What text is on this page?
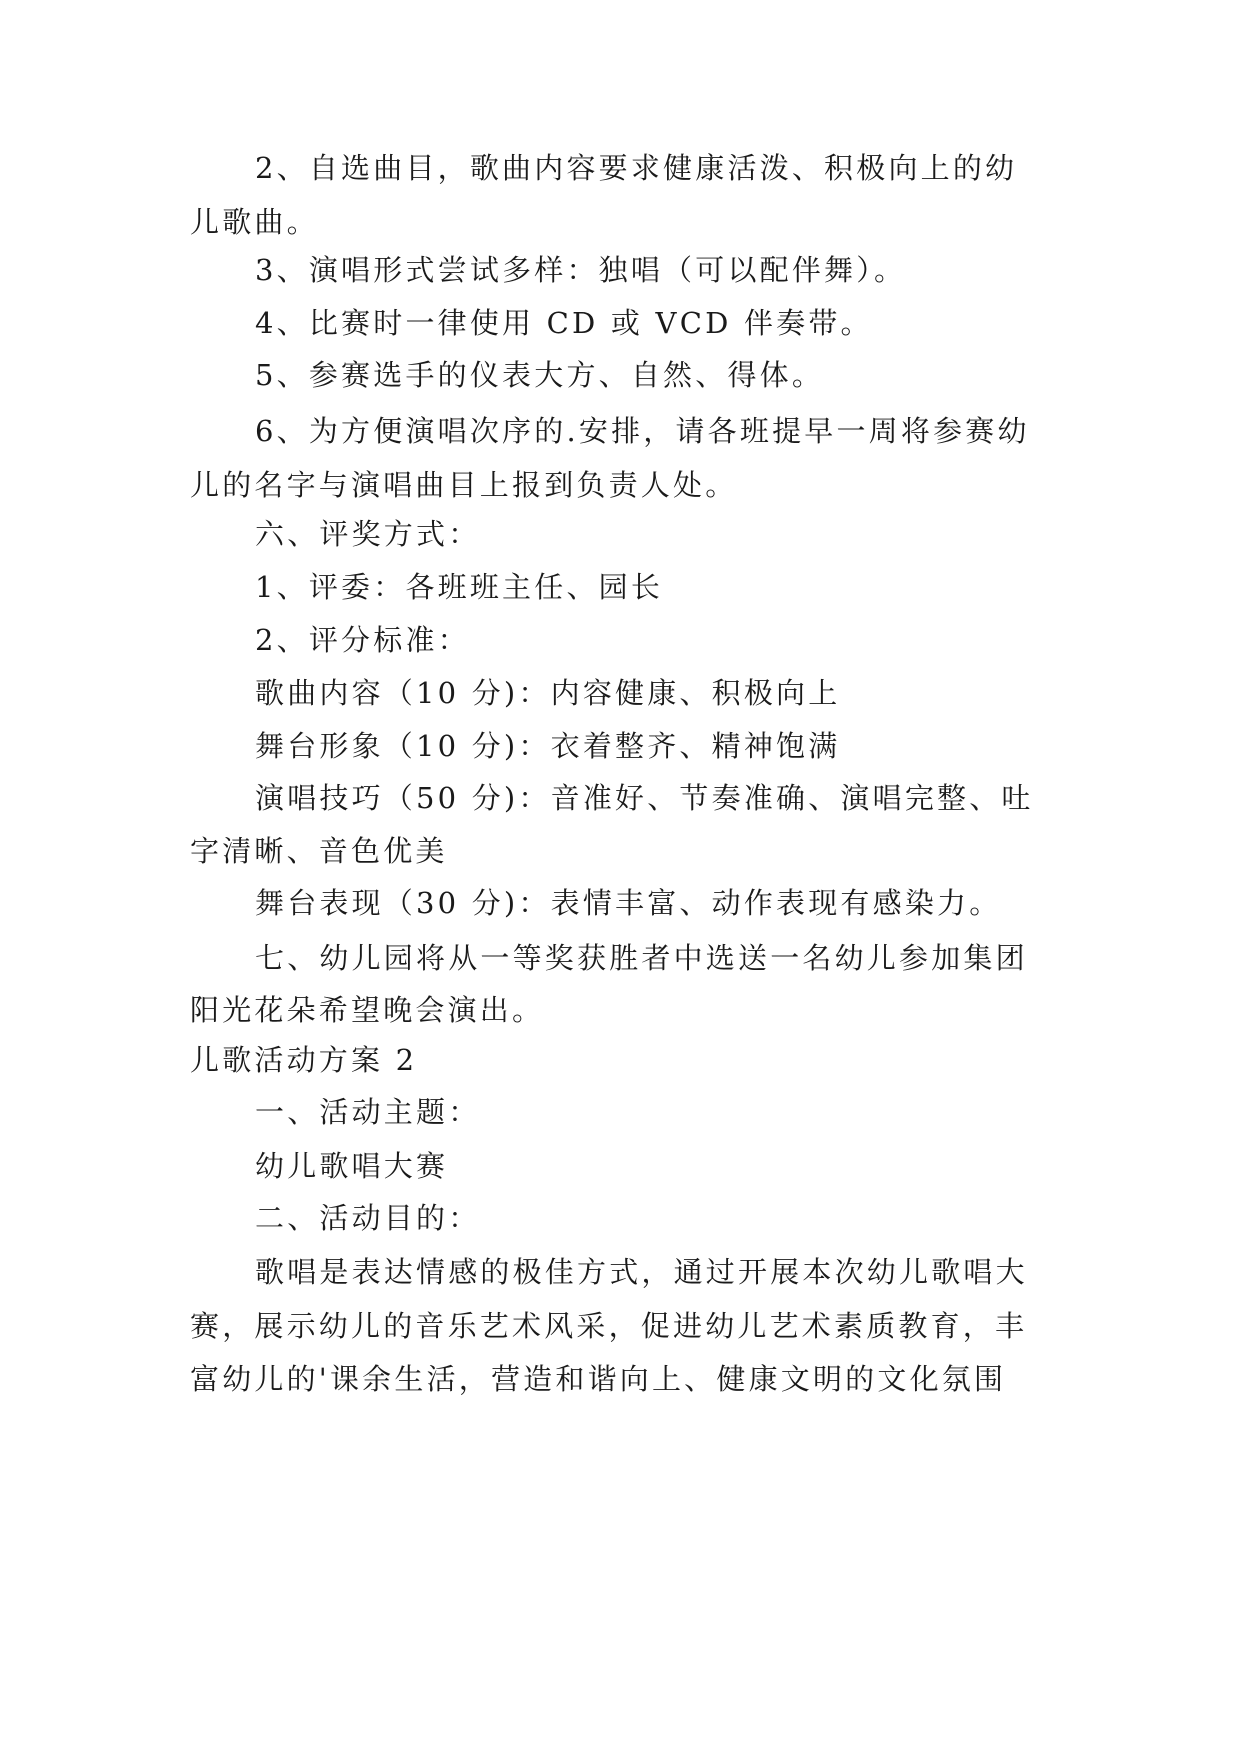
2、自选曲目，歌曲内容要求健康活泼、积极向上的幼
儿歌曲。
3、演唱形式尝试多样：独唱（可以配伴舞）。
4、比赛时一律使用 CD 或 VCD 伴奏带。
5、参赛选手的仪表大方、自然、得体。
6、为方便演唱次序的.安排，请各班提早一周将参赛幼
儿的名字与演唱曲目上报到负责人处。
六、评奖方式：
1、评委：各班班主任、园长
2、评分标准：
歌曲内容（10 分)：内容健康、积极向上
舞台形象（10 分)：衣着整齐、精神饱满
演唱技巧（50 分)：音准好、节奏准确、演唱完整、吐
字清晰、音色优美
舞台表现（30 分)：表情丰富、动作表现有感染力。
七、幼儿园将从一等奖获胜者中选送一名幼儿参加集团
阳光花朵希望晚会演出。
儿歌活动方案 2
一、活动主题：
幼儿歌唱大赛
二、活动目的：
歌唱是表达情感的极佳方式，通过开展本次幼儿歌唱大
赛，展示幼儿的音乐艺术风采，促进幼儿艺术素质教育，丰
富幼儿的'课余生活，营造和谐向上、健康文明的文化氛围
